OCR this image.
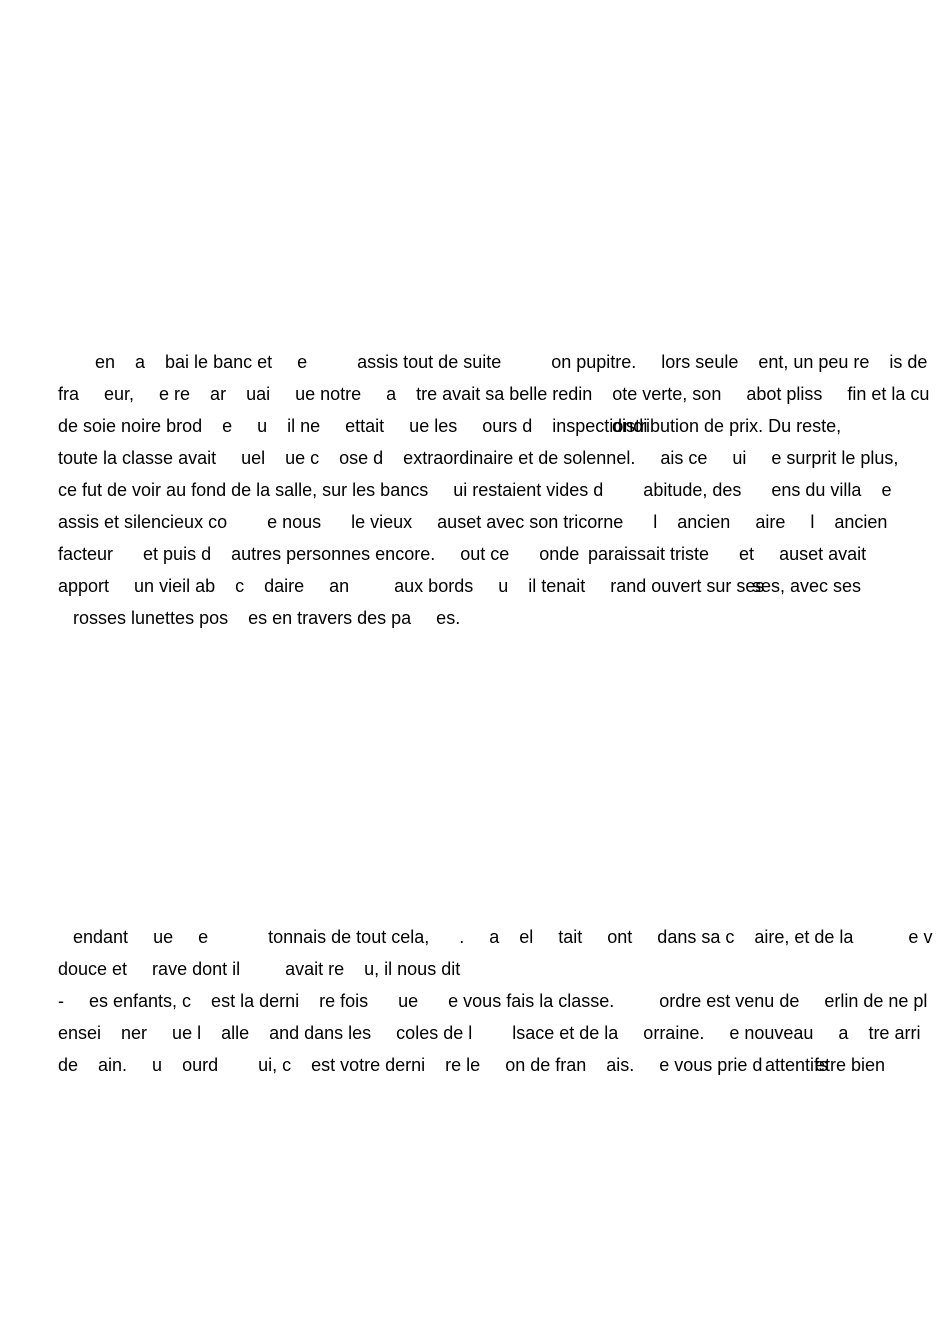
en    a    bai le banc et     e          assis tout de suite          on pupitre.     lors seule    ent, un peu re    is de

fra     eur,     e re    ar    uai     ue notre     a    tre avait sa belle redin    ote verte, son     abot pliss     fin et la cu

de soie noire brod    e     u    il ne     ettait     ue les     ours d    inspectiondi

distribution de prix. Du reste,

toute la classe avait     uel    ue c    ose d    extraordinaire et de solennel.     ais ce     ui     e surprit le plus,

ce fut de voir au fond de la salle, sur les bancs     ui restaient vides d        abitude, des      ens du villa    e

assis et silencieux co        e nous      le vieux     auset avec son tricorne      l    ancien     aire     l    ancien

facteur      et puis d    autres personnes encore.     out ce      onde

paraissait triste      et     auset avait

apport     un vieil ab    c    daire     an         aux bords     u    il tenait     rand ouvert sur ses

ses, avec ses

rosses lunettes pos    es en travers des pa     es.

endant     ue     e            tonnais de tout cela,      .     a    el     tait     ont     dans sa c    aire, et de la           e v

douce et     rave dont il         avait re    u, il nous dit

-     es enfants, c    est la derni    re fois      ue      e vous fais la classe.         ordre est venu de     erlin de ne pl

ensei    ner     ue l    alle    and dans les     coles de l        lsace et de la     orraine.     e nouveau     a    tre arri

de    ain.     u    ourd        ui, c    est votre derni    re le     on de fran    ais.     e vous prie d

attentifs

etre bien
